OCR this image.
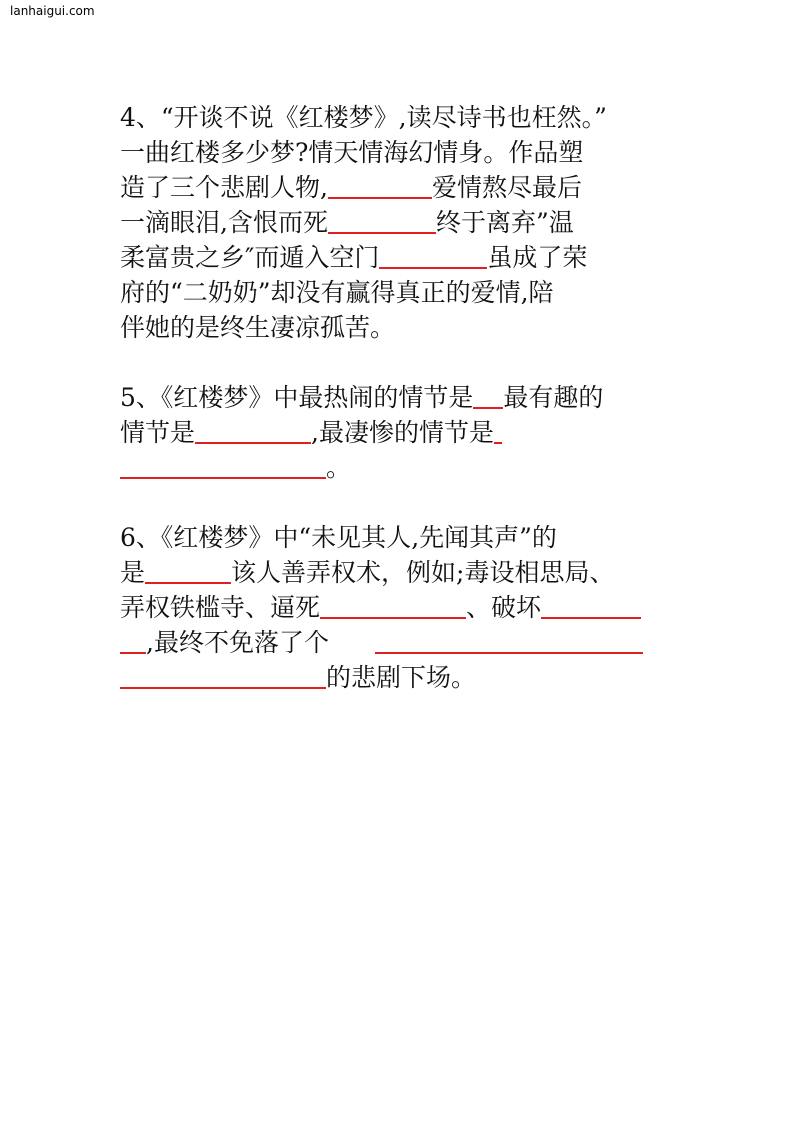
lanhaigui.com
4、“开谈不说《红楼梦》,读尽诗书也枉然。”
一曲红楼多少梦?情天情海幻情身。作品塑
造了三个悲剧人物,	爱情熬尽最后
一滴眼泪,含恨而死	终于离弃”温
柔富贵之乡″而遁入空门	虽成了荣
府的“二奶奶”却没有赢得真正的爱情,陪
伴她的是终生凄凉孤苦。
5、《红楼梦》中最热闹的情节是 最有趣的
情节是	,最凄惨的情节是
。
6、《红楼梦》中“未见其人,先闻其声”的
是	该人善弄权术，例如;毒设相思局、
弄权铁槛寺、逼死	、破坏
,最终不免落了个
的悲剧下场。
